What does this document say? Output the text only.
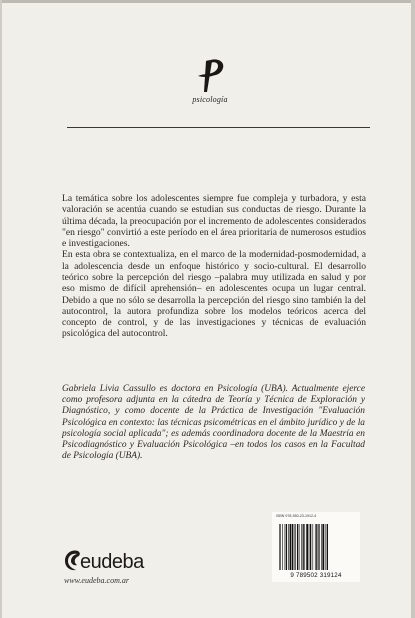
psicología

La temática sobre los adolescentes siempre fue compleja y turbadora, y esta valoración se acentúa cuando se estudian sus conductas de riesgo. Durante la última década, la preocupación por el incremento de adolescentes considerados "en riesgo" convirtió a este período en el área prioritaria de numerosos estudios e investigaciones.

En esta obra se contextualiza, en el marco de la modernidad-posmodernidad, a la adolescencia desde un enfoque histórico y socio-cultural. El desarrollo teórico sobre la percepción del riesgo –palabra muy utilizada en salud y por eso mismo de difícil aprehensión– en adolescentes ocupa un lugar central. Debido a que no sólo se desarrolla la percepción del riesgo sino también la del autocontrol, la autora profundiza sobre los modelos teóricos acerca del concepto de control, y de las investigaciones y técnicas de evaluación psicológica del autocontrol.

Gabriela Livia Cassullo es doctora en Psicología (UBA). Actualmente ejerce como profesora adjunta en la cátedra de Teoría y Técnica de Exploración y Diagnóstico, y como docente de la Práctica de Investigación "Evaluación Psicológica en contexto: las técnicas psicométricas en el ámbito jurídico y de la psicología social aplicada"; es además coordinadora docente de la Maestría en Psicodiagnóstico y Evaluación Psicológica –en todos los casos en la Facultad de Psicología (UBA).

eudeba
www.eudeba.com.ar
ISBN 978-950-23-1912-4
9 789502 319124
